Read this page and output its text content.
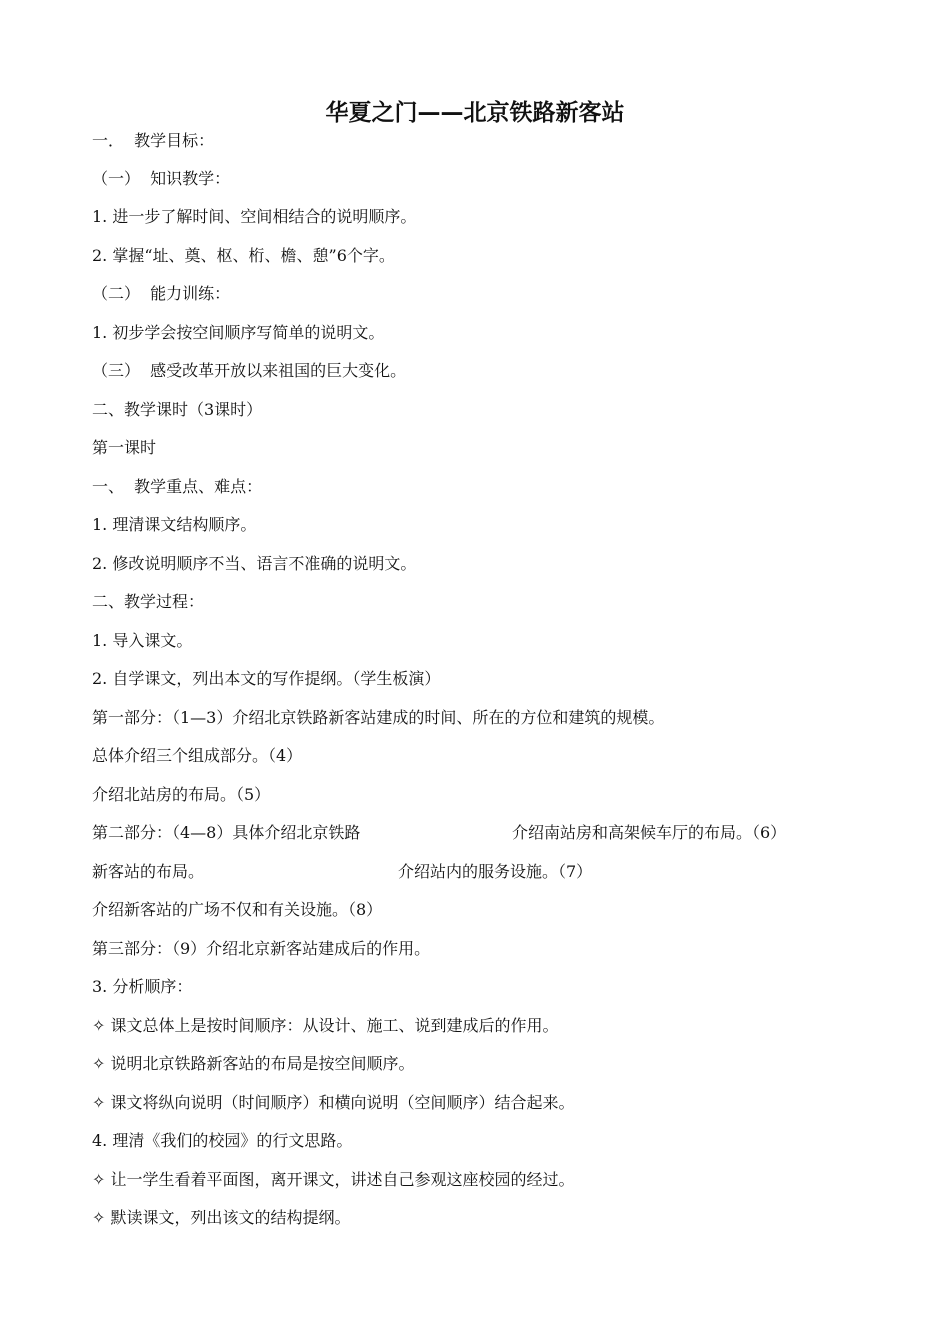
华夏之门——北京铁路新客站
一．  教学目标：
（一）  知识教学：
1. 进一步了解时间、空间相结合的说明顺序。
2. 掌握“址、奠、枢、桁、檐、憩”6个字。
（二）  能力训练：
1. 初步学会按空间顺序写简单的说明文。
（三）  感受改革开放以来祖国的巨大变化。
二、教学课时（3课时）
第一课时
一、  教学重点、难点：
1. 理清课文结构顺序。
2. 修改说明顺序不当、语言不准确的说明文。
二、教学过程：
1. 导入课文。
2. 自学课文，列出本文的写作提纲。（学生板演）
第一部分：（1—3）介绍北京铁路新客站建成的时间、所在的方位和建筑的规模。
总体介绍三个组成部分。（4）
介绍北站房的布局。（5）
第二部分：（4—8）具体介绍北京铁路	介绍南站房和高架候车厅的布局。（6）
新客站的布局。	介绍站内的服务设施。（7）
介绍新客站的广场不仅和有关设施。（8）
第三部分：（9）介绍北京新客站建成后的作用。
3. 分析顺序：
✧ 课文总体上是按时间顺序：从设计、施工、说到建成后的作用。
✧ 说明北京铁路新客站的布局是按空间顺序。
✧ 课文将纵向说明（时间顺序）和横向说明（空间顺序）结合起来。
4. 理清《我们的校园》的行文思路。
✧ 让一学生看着平面图，离开课文，讲述自己参观这座校园的经过。
✧ 默读课文，列出该文的结构提纲。
